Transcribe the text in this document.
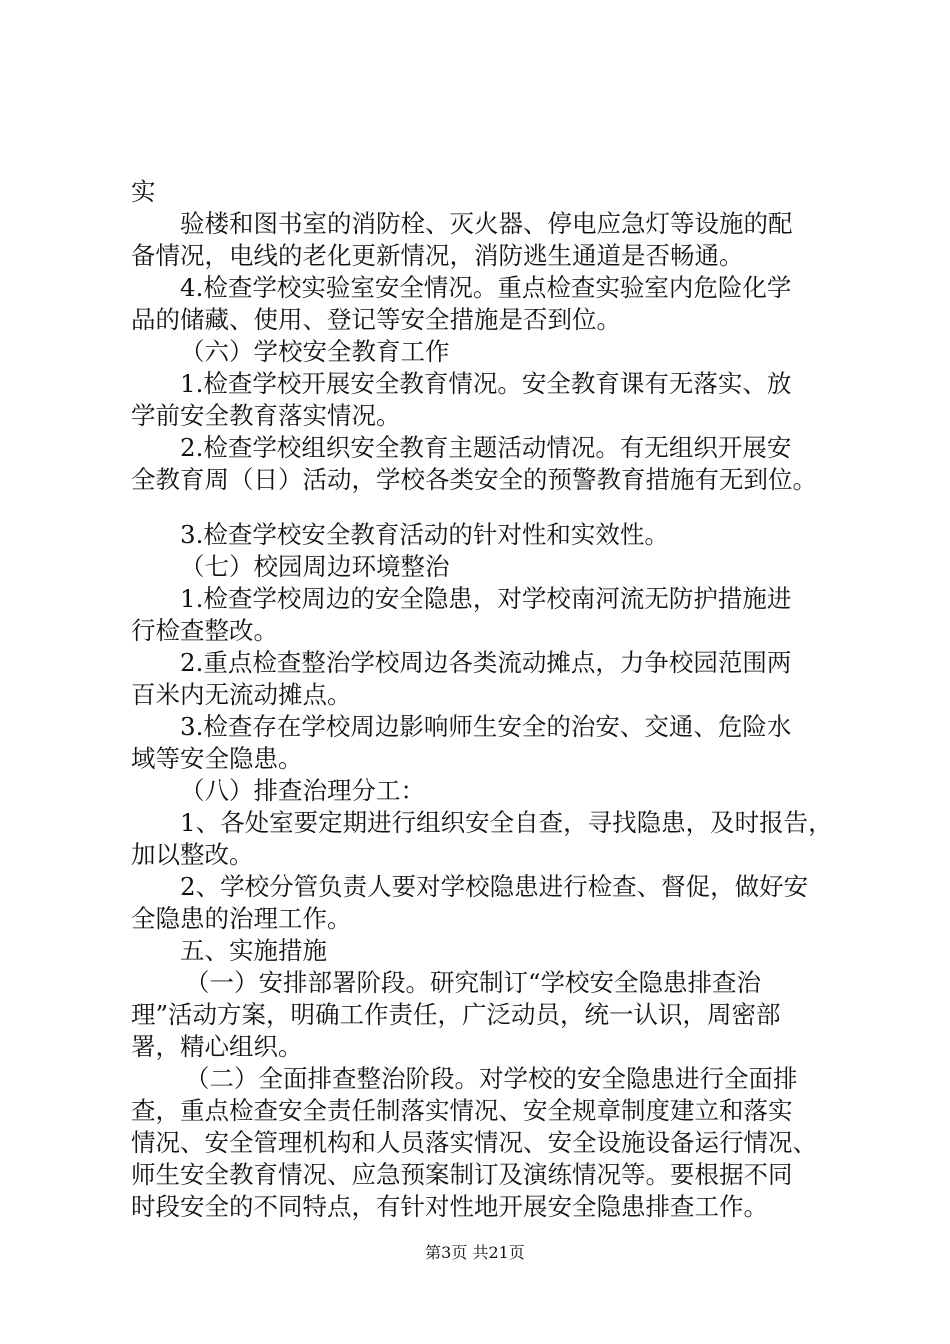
实

验楼和图书室的消防栓、灭火器、停电应急灯等设施的配

备情况，电线的老化更新情况，消防逃生通道是否畅通。

4.检查学校实验室安全情况。重点检查实验室内危险化学

品的储藏、使用、登记等安全措施是否到位。

（六）学校安全教育工作

1.检查学校开展安全教育情况。安全教育课有无落实、放

学前安全教育落实情况。

2.检查学校组织安全教育主题活动情况。有无组织开展安

全教育周（日）活动，学校各类安全的预警教育措施有无到位。

3.检查学校安全教育活动的针对性和实效性。

（七）校园周边环境整治

1.检查学校周边的安全隐患，对学校南河流无防护措施进

行检查整改。

2.重点检查整治学校周边各类流动摊点，力争校园范围两

百米内无流动摊点。

3.检查存在学校周边影响师生安全的治安、交通、危险水

域等安全隐患。

（八）排查治理分工：

1、各处室要定期进行组织安全自查，寻找隐患，及时报告，

加以整改。

2、学校分管负责人要对学校隐患进行检查、督促，做好安

全隐患的治理工作。

五、实施措施

（一）安排部署阶段。研究制订“学校安全隐患排查治

理”活动方案，明确工作责任，广泛动员，统一认识，周密部

署，精心组织。

（二）全面排查整治阶段。对学校的安全隐患进行全面排

查，重点检查安全责任制落实情况、安全规章制度建立和落实

情况、安全管理机构和人员落实情况、安全设施设备运行情况、

师生安全教育情况、应急预案制订及演练情况等。要根据不同

时段安全的不同特点，有针对性地开展安全隐患排查工作。

第3页 共21页
